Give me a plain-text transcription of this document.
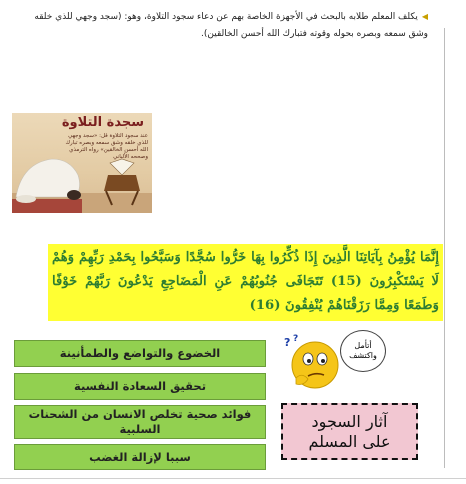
◀يكلف المعلم طلابه بالبحث في الأجهزة الخاصة بهم عن دعاء سجود التلاوة، وهو: (سجد وجهي للذي خلقه وشق سمعه وبصره بحوله وقوته فتبارك الله أحسن الخالقين).
سجدة التلاوة
عند سجود التلاوة قل: «سجد وجهي للذي خلقه وشق سمعه وبصره تبارك الله أحسن الخالقين» رواه الترمذي وصححه الألباني
إِنَّمَا يُؤْمِنُ بِآيَاتِنَا الَّذِينَ إِذَا ذُكِّرُوا بِهَا خَرُّوا سُجَّدًا وَسَبَّحُوا بِحَمْدِ رَبِّهِمْ وَهُمْ لَا يَسْتَكْبِرُونَ (15) تَتَجَافَى جُنُوبُهُمْ عَنِ الْمَضَاجِعِ يَدْعُونَ رَبَّهُمْ خَوْفًا وَطَمَعًا وَمِمَّا رَزَقْنَاهُمْ يُنْفِقُونَ (16)
الخضوع والتواضع والطمأنينة
تحقيق السعادة النفسية
فوائد صحية تخلص الانسان من الشحنات السلبية
سببا لإزالة الغضب
? ?
أتأمل
واكتشف
آثار السجود
على المسلم
